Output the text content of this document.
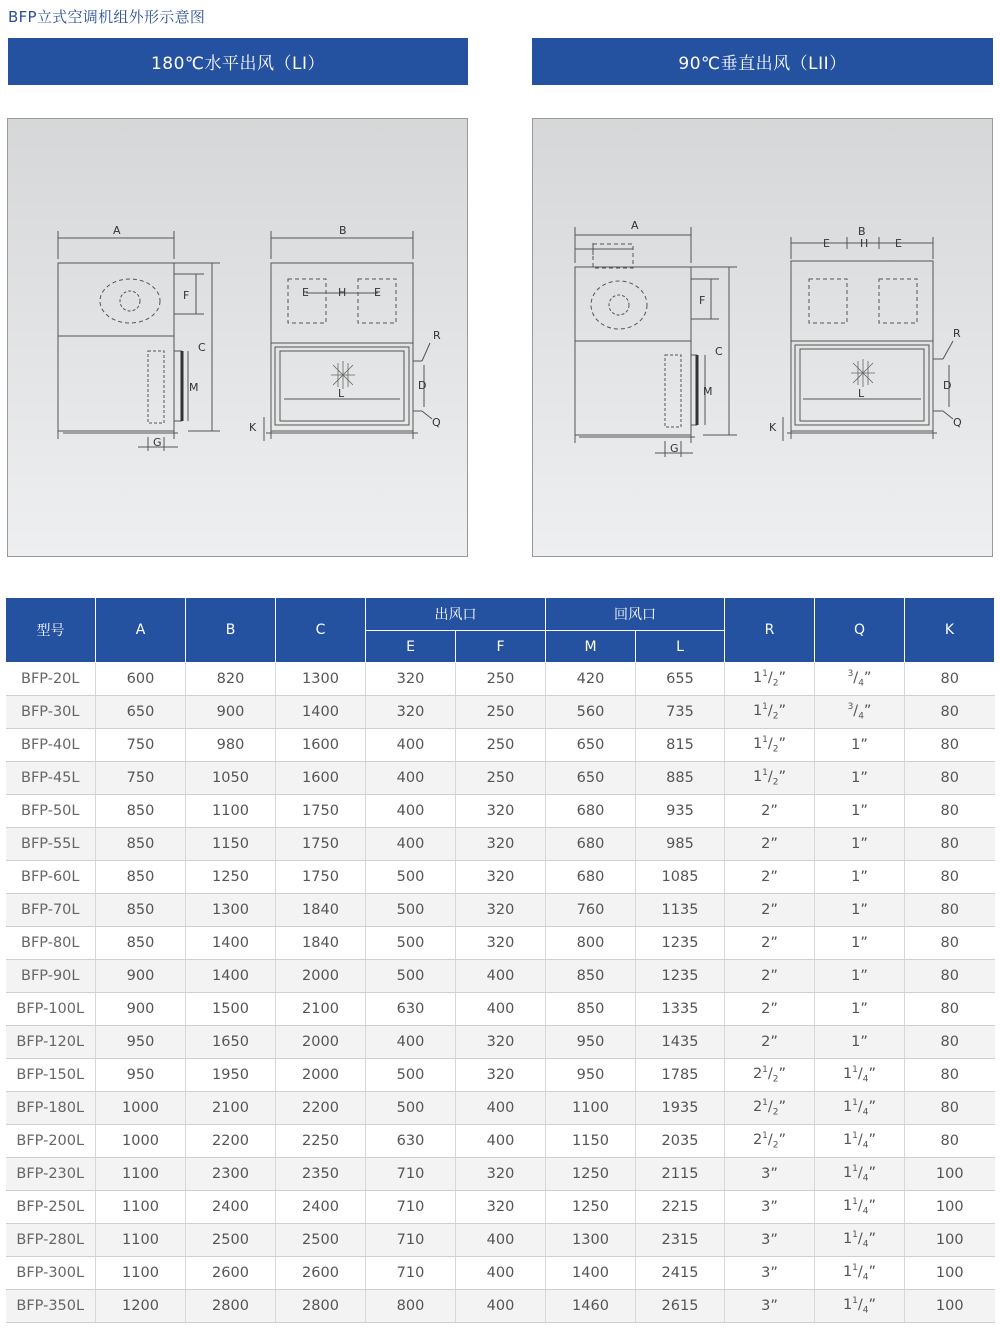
BFP立式空调机组外形示意图
180℃水平出风（LI）	90℃垂直出风（LII）
A
F
C
M
G
E	H	E
L
B
R
D
Q
K
A
F
C
M
G
B
E	H E
L
R
D
Q
K
型号	A	B	C	出风口		回风口		R	Q	K
				E	F	M	L			
BFP-20L	600	820	1300	320	250	420	655	$1^1/_2$”	$^3/_4$”	80
BFP-30L	650	900	1400	320	250	560	735	$1^1/_2$”	$^3/_4$”	80
BFP-40L	750	980	1600	400	250	650	815	$1^1/_2$”	1”	80
BFP-45L	750	1050	1600	400	250	650	885	$1^1/_2$”	1”	80
BFP-50L	850	1100	1750	400	320	680	935	2”	1”	80
BFP-55L	850	1150	1750	400	320	680	985	2”	1”	80
BFP-60L	850	1250	1750	500	320	680	1085	2”	1”	80
BFP-70L	850	1300	1840	500	320	760	1135	2”	1”	80
BFP-80L	850	1400	1840	500	320	800	1235	2”	1”	80
BFP-90L	900	1400	2000	500	400	850	1235	2”	1”	80
BFP-100L	900	1500	2100	630	400	850	1335	2”	1”	80
BFP-120L	950	1650	2000	400	320	950	1435	2”	1”	80
BFP-150L	950	1950	2000	500	320	950	1785	$2^1/_2$”	$1^1/_4$”	80
BFP-180L	1000	2100	2200	500	400	1100	1935	$2^1/_2$”	$1^1/_4$”	80
BFP-200L	1000	2200	2250	630	400	1150	2035	$2^1/_2$”	$1^1/_4$”	80
BFP-230L	1100	2300	2350	710	320	1250	2115	3”	$1^1/_4$”	100
BFP-250L	1100	2400	2400	710	320	1250	2215	3”	$1^1/_4$”	100
BFP-280L	1100	2500	2500	710	400	1300	2315	3”	$1^1/_4$”	100
BFP-300L	1100	2600	2600	710	400	1400	2415	3”	$1^1/_4$”	100
BFP-350L	1200	2800	2800	800	400	1460	2615	3”	$1^1/_4$”	100
